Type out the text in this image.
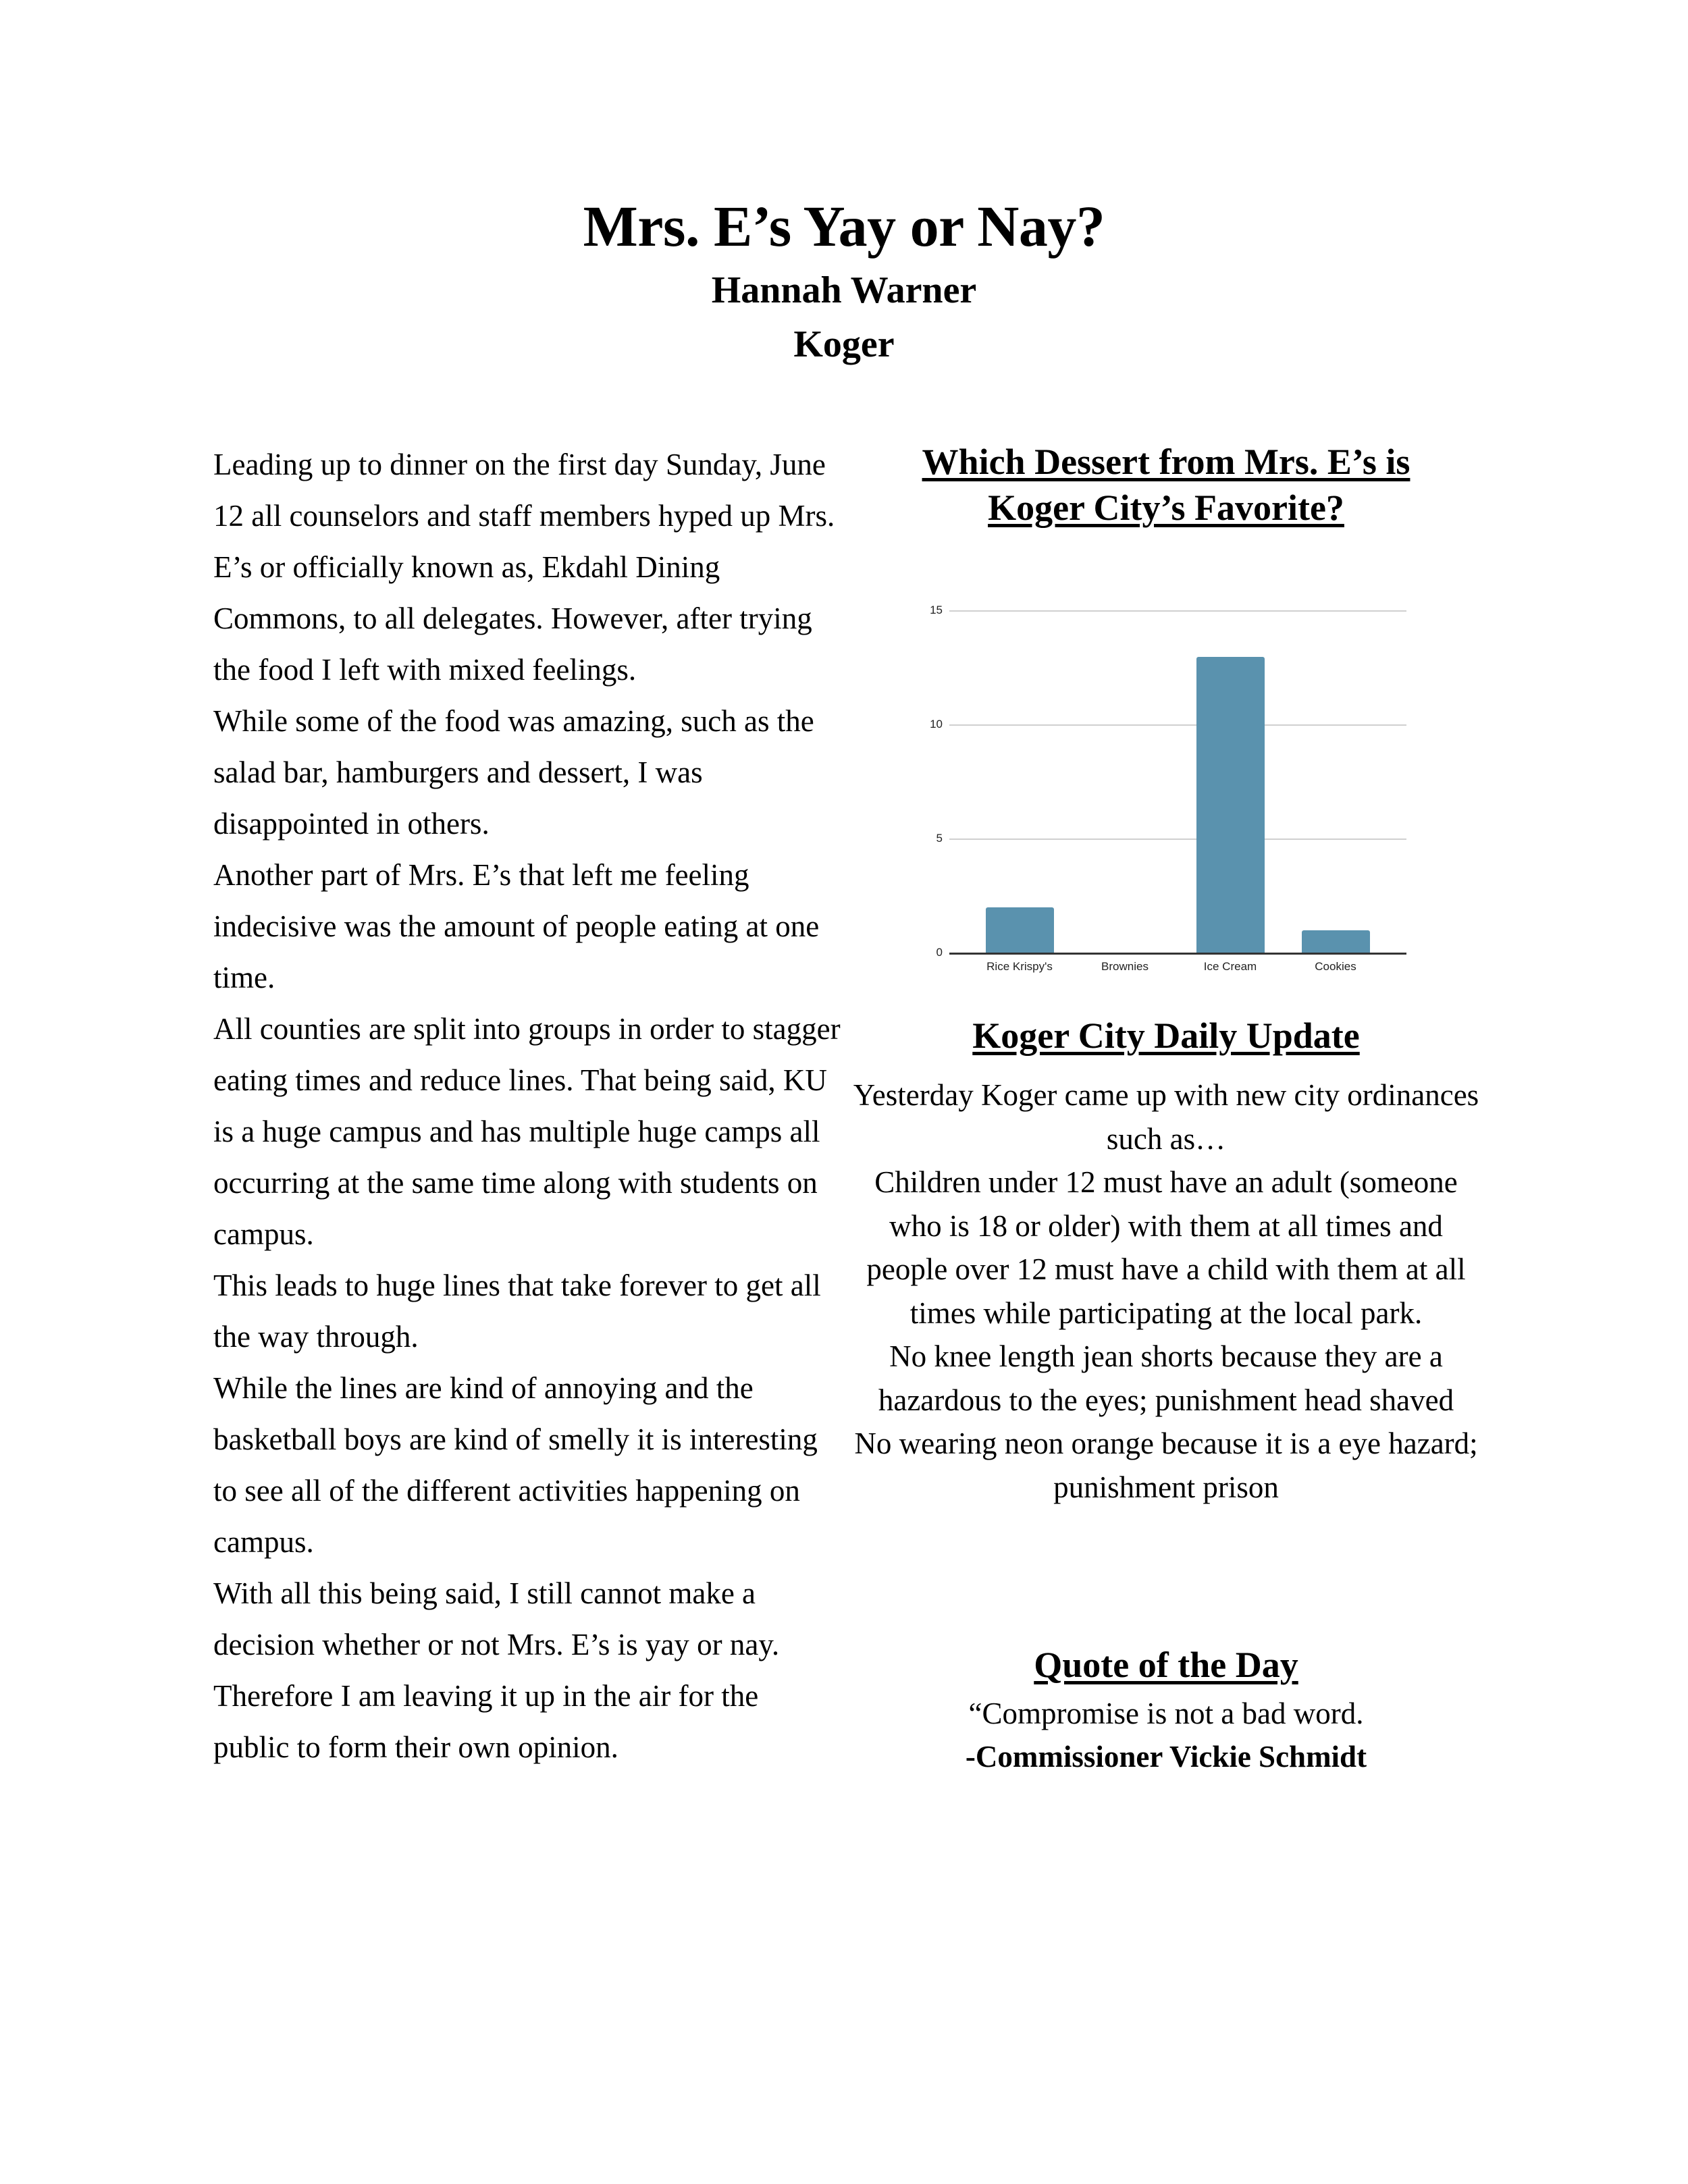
Mrs. E’s Yay or Nay?
Hannah Warner
Koger

Leading up to dinner on the first day Sunday, June 12 all counselors and staff members hyped up Mrs. E’s or officially known as, Ekdahl Dining Commons, to all delegates. However, after trying the food I left with mixed feelings.

While some of the food was amazing, such as the salad bar, hamburgers and dessert, I was disappointed in others.

Another part of Mrs. E’s that left me feeling indecisive was the amount of people eating at one time.

All counties are split into groups in order to stagger eating times and reduce lines. That being said, KU is a huge campus and has multiple huge camps all occurring at the same time along with students on campus.

This leads to huge lines that take forever to get all the way through.

While the lines are kind of annoying and the basketball boys are kind of smelly it is interesting to see all of the different activities happening on campus.

With all this being said, I still cannot make a decision whether or not Mrs. E’s is yay or nay. Therefore I am leaving it up in the air for the public to form their own opinion.

Which Dessert from Mrs. E’s is
Koger City’s Favorite?
0
5
10
15
Rice Krispy's	Brownies	Ice Cream	Cookies
Koger City Daily Update

Yesterday Koger came up with new city ordinances such as…

Children under 12 must have an adult (someone who is 18 or older) with them at all times and people over 12 must have a child with them at all times while participating at the local park.

No knee length jean shorts because they are a hazardous to the eyes; punishment head shaved

No wearing neon orange because it is a eye hazard; punishment prison

Quote of the Day

“Compromise is not a bad word.

-Commissioner Vickie Schmidt
